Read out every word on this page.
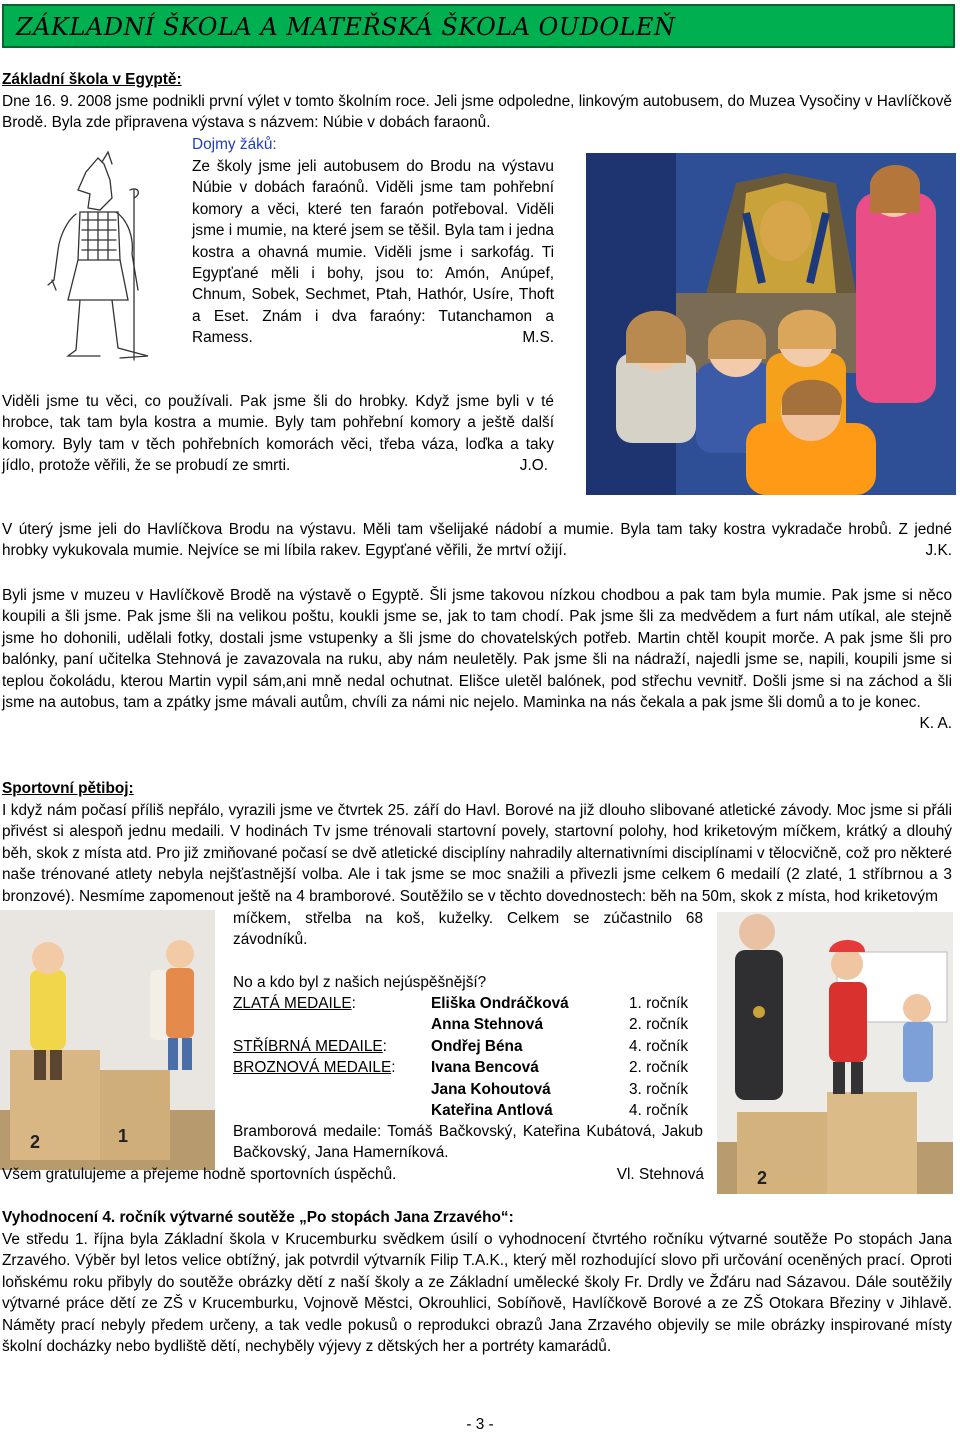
ZÁKLADNÍ ŠKOLA A MATEŘSKÁ ŠKOLA OUDOLEŇ
Základní škola v Egyptě:
Dne 16. 9. 2008 jsme podnikli první výlet v tomto školním roce. Jeli jsme odpoledne, linkovým autobusem, do Muzea Vysočiny v Havlíčkově Brodě. Byla zde připravena výstava s názvem: Núbie v dobách faraonů.
Dojmy žáků:
Ze školy jsme jeli autobusem do Brodu na výstavu Núbie v dobách faraónů. Viděli jsme tam pohřební komory a věci, které ten faraón potřeboval. Viděli jsme i mumie, na které jsem se těšil. Byla tam i jedna kostra a ohavná mumie. Viděli jsme i sarkofág. Ti Egypťané měli i bohy, jsou to: Amón, Anúpef, Chnum, Sobek, Sechmet, Ptah, Hathór, Usíre, Thoft a Eset. Znám i dva faraóny: Tutanchamon a Ramess.	M.S.
Viděli jsme tu věci, co používali. Pak jsme šli do hrobky. Když jsme byli v té hrobce, tak tam byla kostra a mumie. Byly tam pohřební komory a ještě další komory. Byly tam v těch pohřebních komorách věci, třeba váza, loďka a taky jídlo, protože věřili, že se probudí ze smrti.	J.O.
V úterý jsme jeli do Havlíčkova Brodu na výstavu. Měli tam všelijaké nádobí a mumie. Byla tam taky kostra vykradače hrobů. Z jedné hrobky vykukovala mumie. Nejvíce se mi líbila rakev. Egypťané věřili, že mrtví ožijí.	J.K.
Byli jsme v muzeu v Havlíčkově Brodě na výstavě o Egyptě. Šli jsme takovou nízkou chodbou a pak tam byla mumie. Pak jsme si něco koupili a šli jsme. Pak jsme šli na velikou poštu, koukli jsme se, jak to tam chodí. Pak jsme šli za medvědem a furt nám utíkal, ale stejně jsme ho dohonili, udělali fotky, dostali jsme vstupenky a šli jsme do chovatelských potřeb. Martin chtěl koupit morče. A pak jsme šli pro balónky, paní učitelka Stehnová je zavazovala na ruku, aby nám neuletěly. Pak jsme šli na nádraží, najedli jsme se, napili, koupili jsme si teplou čokoládu, kterou Martin vypil sám,ani mně nedal ochutnat. Elišce uletěl balónek, pod střechu vevnitř. Došli jsme si na záchod a šli jsme na autobus, tam a zpátky jsme mávali autům, chvíli za námi nic nejelo. Maminka na nás čekala a pak jsme šli domů a to je konec.
K. A.
Sportovní pětiboj:
2	1
I když nám počasí příliš nepřálo, vyrazili jsme ve čtvrtek 25. září do Havl. Borové na již dlouho slibované atletické závody. Moc jsme si přáli přivést si alespoň jednu medaili. V hodinách Tv jsme trénovali startovní povely, startovní polohy, hod kriketovým míčkem, krátký a dlouhý běh, skok z místa atd. Pro již zmiňované počasí se dvě atletické disciplíny nahradily alternativními disciplínami v tělocvičně, což pro některé naše trénované atlety nebyla nejšťastnější volba. Ale i tak jsme se moc snažili a přivezli jsme celkem 6 medailí (2 zlaté, 1 stříbrnou a 3 bronzové). Nesmíme zapomenout ještě na 4 bramborové. Soutěžilo se v těchto dovednostech: běh na 50m, skok z místa, hod kriketovým
míčkem, střelba na koš, kuželky. Celkem se zúčastnilo 68 závodníků.
No a kdo byl z našich nejúspěšnější?
ZLATÁ MEDAILE:	Eliška Ondráčková	1. ročník
Anna Stehnová	2. ročník
STŘÍBRNÁ MEDAILE:	Ondřej Béna	4. ročník
BROZNOVÁ MEDAILE: Ivana Bencová	2. ročník
Jana Kohoutová	3. ročník
Kateřina Antlová	4. ročník
Bramborová medaile: Tomáš Bačkovský, Kateřina Kubátová, Jakub Bačkovský, Jana Hamerníková.
Všem gratulujeme a přejeme hodně sportovních úspěchů.	Vl. Stehnová	2
Vyhodnocení 4. ročník výtvarné soutěže „Po stopách Jana Zrzavého“:
Ve středu 1. října byla Základní škola v Krucemburku svědkem úsilí o vyhodnocení čtvrtého ročníku výtvarné soutěže Po stopách Jana Zrzavého. Výběr byl letos velice obtížný, jak potvrdil výtvarník Filip T.A.K., který měl rozhodující slovo při určování oceněných prací. Oproti loňskému roku přibyly do soutěže obrázky dětí z naší školy a ze Základní umělecké školy Fr. Drdly ve Žďáru nad Sázavou. Dále soutěžily výtvarné práce dětí ze ZŠ v Krucemburku, Vojnově Městci, Okrouhlici, Sobíňově, Havlíčkově Borové a ze ZŠ Otokara Březiny v Jihlavě. Náměty prací nebyly předem určeny, a tak vedle pokusů o reprodukci obrazů Jana Zrzavého objevily se mile obrázky inspirované místy školní docházky nebo bydliště dětí, nechyběly výjevy z dětských her a portréty kamarádů.
- 3 -
